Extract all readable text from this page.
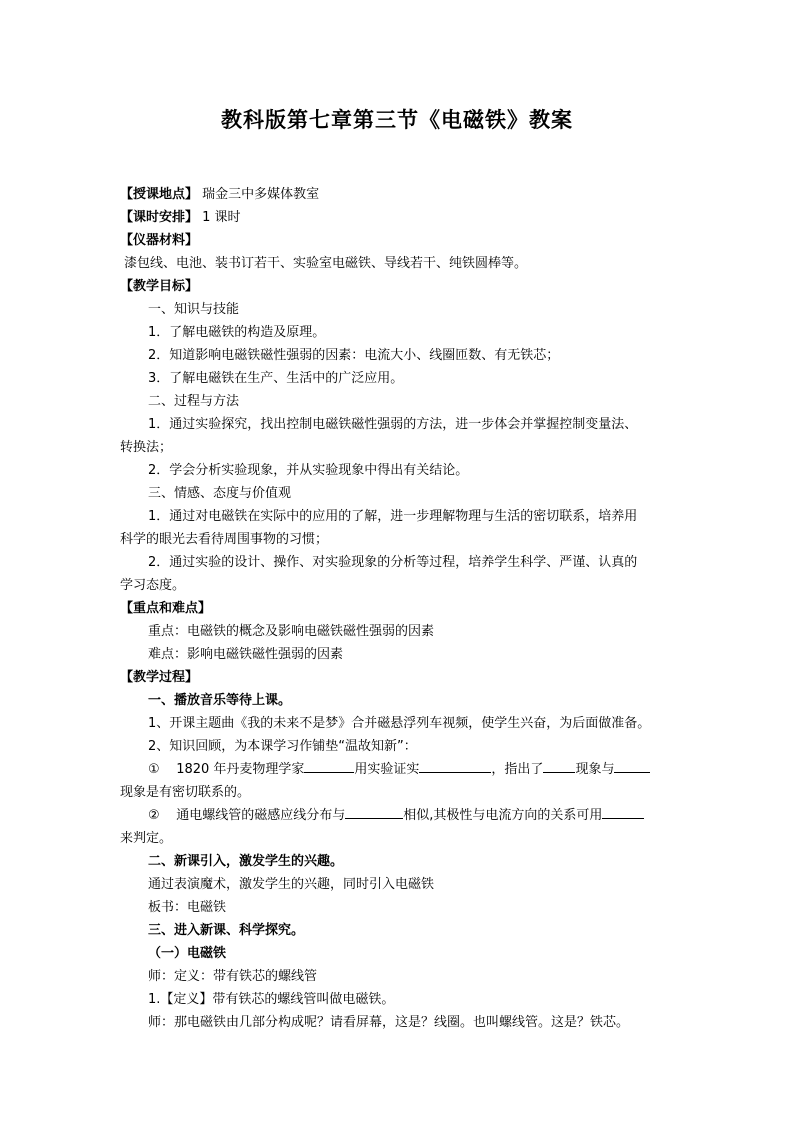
教科版第七章第三节《电磁铁》教案
【授课地点】 瑞金三中多媒体教室
【课时安排】 1 课时
【仪器材料】
漆包线、电池、装书订若干、实验室电磁铁、导线若干、纯铁圆棒等。
【教学目标】
一、知识与技能
1．了解电磁铁的构造及原理。
2．知道影响电磁铁磁性强弱的因素：电流大小、线圈匝数、有无铁芯；
3．了解电磁铁在生产、生活中的广泛应用。
二、过程与方法
1．通过实验探究，找出控制电磁铁磁性强弱的方法，进一步体会并掌握控制变量法、
转换法；
2．学会分析实验现象，并从实验现象中得出有关结论。
三、情感、态度与价值观
1．通过对电磁铁在实际中的应用的了解，进一步理解物理与生活的密切联系，培养用
科学的眼光去看待周围事物的习惯；
2．通过实验的设计、操作、对实验现象的分析等过程，培养学生科学、严谨、认真的
学习态度。
【重点和难点】
重点：电磁铁的概念及影响电磁铁磁性强弱的因素
难点：影响电磁铁磁性强弱的因素
【教学过程】
一、播放音乐等待上课。
1、开课主题曲《我的未来不是梦》合并磁悬浮列车视频，使学生兴奋，为后面做准备。
2、知识回顾，为本课学习作铺垫“温故知新”：
① 1820 年丹麦物理学家	用实验证实	，指出了 现象与
现象是有密切联系的。
② 通电螺线管的磁感应线分布与	相似,其极性与电流方向的关系可用
来判定。
二、新课引入，激发学生的兴趣。
通过表演魔术，激发学生的兴趣，同时引入电磁铁
板书：电磁铁
三、进入新课、科学探究。
（一）电磁铁
师：定义：带有铁芯的螺线管
1.【定义】带有铁芯的螺线管叫做电磁铁。
师：那电磁铁由几部分构成呢？请看屏幕，这是？线圈。也叫螺线管。这是？铁芯。
